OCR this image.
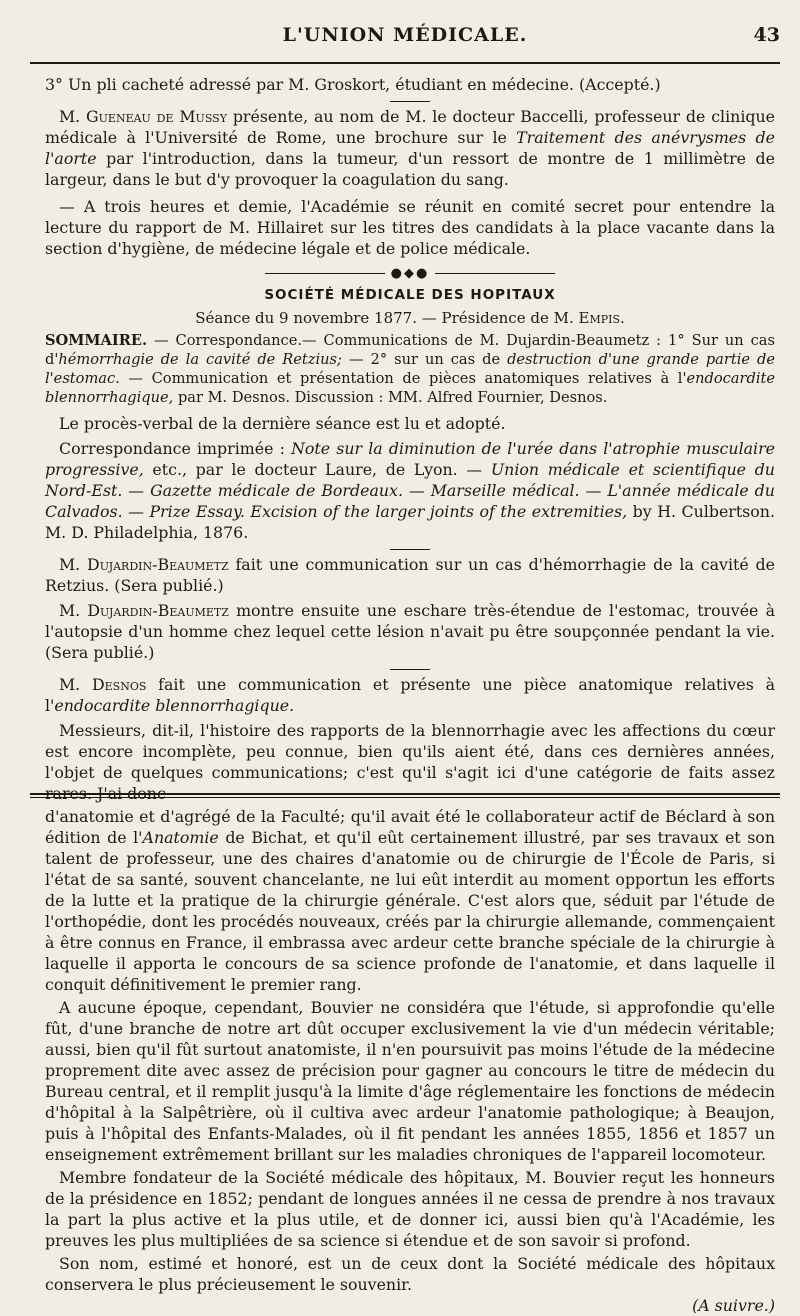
L'UNION MÉDICALE.	43

3° Un pli cacheté adressé par M. Groskort, étudiant en médecine. (Accepté.)

M. Gueneau de Mussy présente, au nom de M. le docteur Baccelli, professeur de clinique médicale à l'Université de Rome, une brochure sur le Traitement des anévrysmes de l'aorte par l'introduction, dans la tumeur, d'un ressort de montre de 1 millimètre de largeur, dans le but d'y provoquer la coagulation du sang.

— A trois heures et demie, l'Académie se réunit en comité secret pour entendre la lecture du rapport de M. Hillairet sur les titres des candidats à la place vacante dans la section d'hygiène, de médecine légale et de police médicale.

●◆●
SOCIÉTÉ MÉDICALE DES HOPITAUX
Séance du 9 novembre 1877. — Présidence de M. Empis.
SOMMAIRE. — Correspondance.— Communications de M. Dujardin-Beaumetz : 1° Sur un cas d'hémorrhagie de la cavité de Retzius; — 2° sur un cas de destruction d'une grande partie de l'estomac. — Communication et présentation de pièces anatomiques relatives à l'endocardite blennorrhagique, par M. Desnos. Discussion : MM. Alfred Fournier, Desnos.

Le procès-verbal de la dernière séance est lu et adopté.

Correspondance imprimée : Note sur la diminution de l'urée dans l'atrophie musculaire progressive, etc., par le docteur Laure, de Lyon. — Union médicale et scientifique du Nord-Est. — Gazette médicale de Bordeaux. — Marseille médical. — L'année médicale du Calvados. — Prize Essay. Excision of the larger joints of the extremities, by H. Culbertson. M. D. Philadelphia, 1876.

M. Dujardin-Beaumetz fait une communication sur un cas d'hémorrhagie de la cavité de Retzius. (Sera publié.)

M. Dujardin-Beaumetz montre ensuite une eschare très-étendue de l'estomac, trouvée à l'autopsie d'un homme chez lequel cette lésion n'avait pu être soupçonnée pendant la vie. (Sera publié.)

M. Desnos fait une communication et présente une pièce anatomique relatives à l'endocardite blennorrhagique.

Messieurs, dit-il, l'histoire des rapports de la blennorrhagie avec les affections du cœur est encore incomplète, peu connue, bien qu'ils aient été, dans ces dernières années, l'objet de quelques communications; c'est qu'il s'agit ici d'une catégorie de faits assez rares. J'ai donc

d'anatomie et d'agrégé de la Faculté; qu'il avait été le collaborateur actif de Béclard à son édition de l'Anatomie de Bichat, et qu'il eût certainement illustré, par ses travaux et son talent de professeur, une des chaires d'anatomie ou de chirurgie de l'École de Paris, si l'état de sa santé, souvent chancelante, ne lui eût interdit au moment opportun les efforts de la lutte et la pratique de la chirurgie générale. C'est alors que, séduit par l'étude de l'orthopédie, dont les procédés nouveaux, créés par la chirurgie allemande, commençaient à être connus en France, il embrassa avec ardeur cette branche spéciale de la chirurgie à laquelle il apporta le concours de sa science profonde de l'anatomie, et dans laquelle il conquit définitivement le premier rang.

A aucune époque, cependant, Bouvier ne considéra que l'étude, si approfondie qu'elle fût, d'une branche de notre art dût occuper exclusivement la vie d'un médecin véritable; aussi, bien qu'il fût surtout anatomiste, il n'en poursuivit pas moins l'étude de la médecine proprement dite avec assez de précision pour gagner au concours le titre de médecin du Bureau central, et il remplit jusqu'à la limite d'âge réglementaire les fonctions de médecin d'hôpital à la Salpêtrière, où il cultiva avec ardeur l'anatomie pathologique; à Beaujon, puis à l'hôpital des Enfants-Malades, où il fit pendant les années 1855, 1856 et 1857 un enseignement extrêmement brillant sur les maladies chroniques de l'appareil locomoteur.

Membre fondateur de la Société médicale des hôpitaux, M. Bouvier reçut les honneurs de la présidence en 1852; pendant de longues années il ne cessa de prendre à nos travaux la part la plus active et la plus utile, et de donner ici, aussi bien qu'à l'Académie, les preuves les plus multipliées de sa science si étendue et de son savoir si profond.

Son nom, estimé et honoré, est un de ceux dont la Société médicale des hôpitaux conservera le plus précieusement le souvenir.

(A suivre.)
